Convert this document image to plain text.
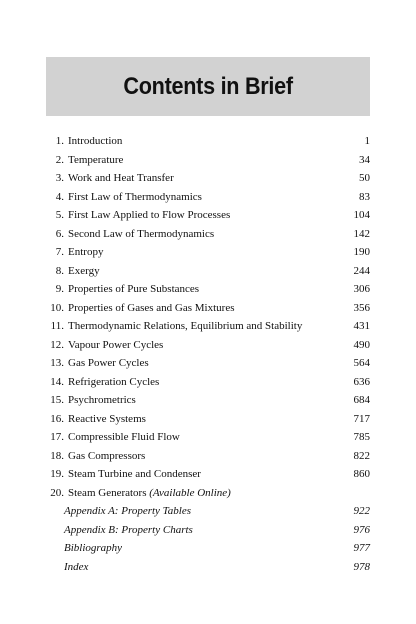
Contents in Brief
1. Introduction	1
2. Temperature	34
3. Work and Heat Transfer	50
4. First Law of Thermodynamics	83
5. First Law Applied to Flow Processes	104
6. Second Law of Thermodynamics	142
7. Entropy	190
8. Exergy	244
9. Properties of Pure Substances	306
10. Properties of Gases and Gas Mixtures	356
11. Thermodynamic Relations, Equilibrium and Stability	431
12. Vapour Power Cycles	490
13. Gas Power Cycles	564
14. Refrigeration Cycles	636
15. Psychrometrics	684
16. Reactive Systems	717
17. Compressible Fluid Flow	785
18. Gas Compressors	822
19. Steam Turbine and Condenser	860
20. Steam Generators (Available Online)
Appendix A: Property Tables	922
Appendix B: Property Charts	976
Bibliography	977
Index	978
